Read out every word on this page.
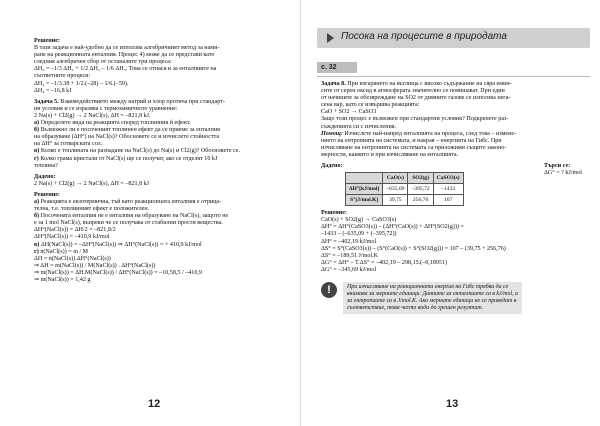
Решение:

В тази задача е най-удобно да се използва алгебричният метод за нами-

ране на реакционната енталпия. Процес 4) може да се представи като

следния алгебричен сбор от останалите три процеса:

ΔH₄ = –1/3 ΔH₁ + 1/2 ΔH₂ – 1/6 ΔH₃. Това се отнася и за енталпиите на

съответните процеси:

ΔH₄ = –1/3.38 + 1/2.(–28) – 1/6.(–59).

ΔH₄ = –16,8 kJ

Задача 5. Взаимодействието между натрий и хлор протича при стандарт-

ни условия и се изразява с термохимичното уравнение:

2 Na(s) + Cl2(g) → 2 NaCl(s), ΔH = –821,8 kJ.

а) Определете вида на реакцията според топлинния й ефект.

б) Възможно ли е посоченият топлинен ефект да се приеме за енталпия

на образуване (ΔH°) на NaCl(s)? Обоснoвете се и изчислете стойността

на ΔH° за готварската сол.

в) Колко е топлината на разпадане на NaCl(s) до Na(s) и Cl2(g)? Обоснoвете се.

г) Колко грама кристали от NaCl(s) ще се получат, ако се отделят 10 kJ

топлина?

Дадено:

2 Na(s) + Cl2(g) → 2 NaCl(s), ΔH = –821,8 kJ

Решение:

а) Реакцията е екзотермична, тъй като реакционната енталпия е отрица-

телна, т.е. топлинният ефект е положителен.

б) Посочената енталпия не е енталпия на образуване на NaCl(s), защото не

е за 1 mol NaCl(s), въпреки че се получава от стабилни прости вещества.

ΔH°(NaCl(s)) = ΔH/2 = –821,8/2

ΔH°(NaCl(s)) = –410,9 kJ/mol

в) ΔH(NaCl(s)) = –ΔH°(NaCl(s)) ⇒ ΔH°(NaCl(s)) = + 410,9 kJ/mol

г) n(NaCl(s)) = m / M

ΔH = n(NaCl(s)).ΔH°(NaCl(s))

⇒ ΔH = m(NaCl(s)) / M(NaCl(s)) . ΔH°(NaCl(s))

⇒ m(NaCl(s)) = ΔH.M(NaCl(s)) / ΔH°(NaCl(s)) = –10,58,5 / –410,9

⇒ m(NaCl(s)) = 1,42 g

12
Посока на процесите в природата
с. 32

Задача 8. При изгарянето на въглища с високо съдържание на сяра емин-

сите от серен оксид в атмосферата значително се повишават. При един

от начините за обезвреждане на SO2 от димните газове се използва нега-

сена вар, като се извършва реакцията:

CaO + SO2 → CaSO3

Защо този процес е възможен при стандартни условия? Подкрепете раз-

съжденията си с изчисления.

Помощ: Изчислете най-напред енталпията на процеса, след това – измене-

нието на ентропията на системата, и накрая – енергията на Гибс. При

изчисляване на ентропията на системата са приложими същите законо-

мерности, каквито и при изчисляване на енталпията.

Дадено:

	CaO(s)	SO2(g)	CaSO3(s)
ΔH°[kJ/mol]	–635,09	–395,72	–1433
S°[J/mol.K]	39,75	256,76	107

Търси се:

ΔG° = ? kJ/mol

Решение:

CaO(s) + SO2(g) → CaSO3(s)

ΔH° = ΔH°(CaSO3(s)) – (ΔH°(CaO(s)) + ΔH°(SO2(g))) =

–1433 – (–635,09 + (–395,72))

ΔH° = –402,19 kJ/mol

ΔS° = S°(CaSO3(s)) – (S°(CaO(s)) + S°(SO2(g))) = 107 – (39,75 + 256,76)

ΔS° = –189,51 J/mol.K

ΔG° = ΔH° – T.ΔS° = –402,19 – 298,15.(–0,18951)

ΔG° = –345,69 kJ/mol

!	При изчисляване на реакционната енергия на Гибс трябва да се

внимава за мерните единици. Данните за енталпиите са в kJ/mol, а

за ентропиите са в J/mol.K. Ако мерните единици не се приведат в

съответствие, това често води до грешен резултат.

13
